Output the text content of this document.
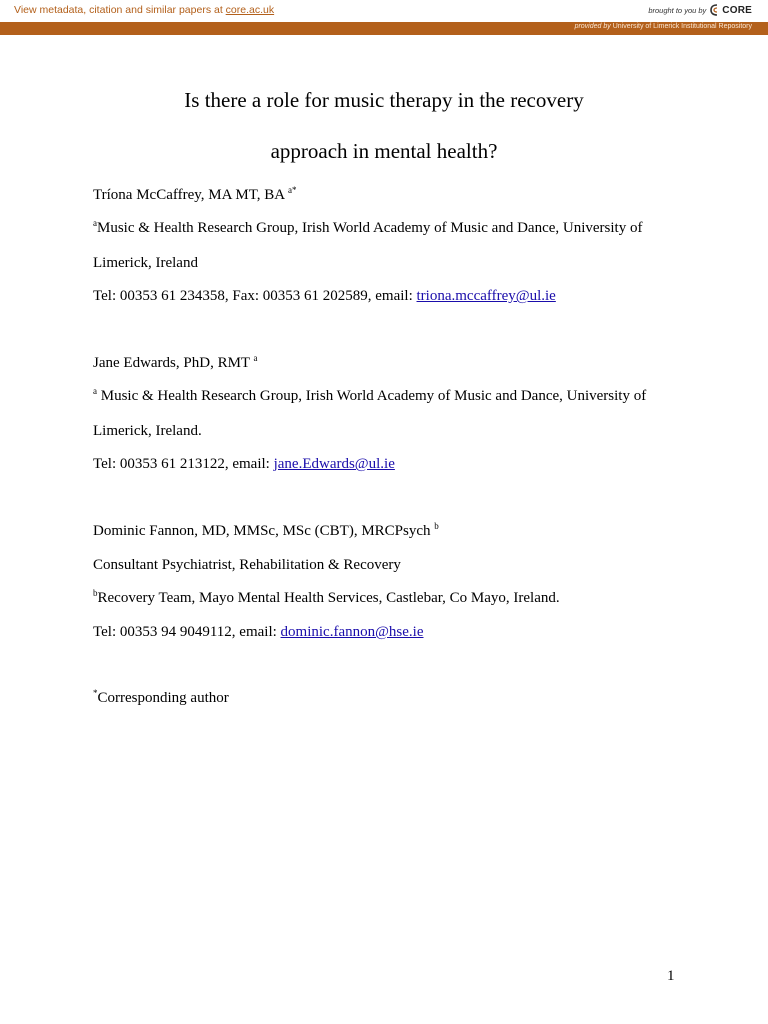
View metadata, citation and similar papers at core.ac.uk	brought to you by CORE
provided by University of Limerick Institutional Repository
Is there a role for music therapy in the recovery
approach in mental health?
Tríona McCaffrey, MA MT, BA $^{a*}$
$^a$Music & Health Research Group, Irish World Academy of Music and Dance, University of
Limerick, Ireland
Tel: 00353 61 234358, Fax: 00353 61 202589, email: triona.mccaffrey@ul.ie
Jane Edwards, PhD, RMT $^a$
$^a$ Music & Health Research Group, Irish World Academy of Music and Dance, University of
Limerick, Ireland.
Tel: 00353 61 213122, email: jane.Edwards@ul.ie
Dominic Fannon, MD, MMSc, MSc (CBT), MRCPsych $^b$
Consultant Psychiatrist, Rehabilitation & Recovery
$^b$Recovery Team, Mayo Mental Health Services, Castlebar, Co Mayo, Ireland.
Tel: 00353 94 9049112, email: dominic.fannon@hse.ie
*Corresponding author
1
